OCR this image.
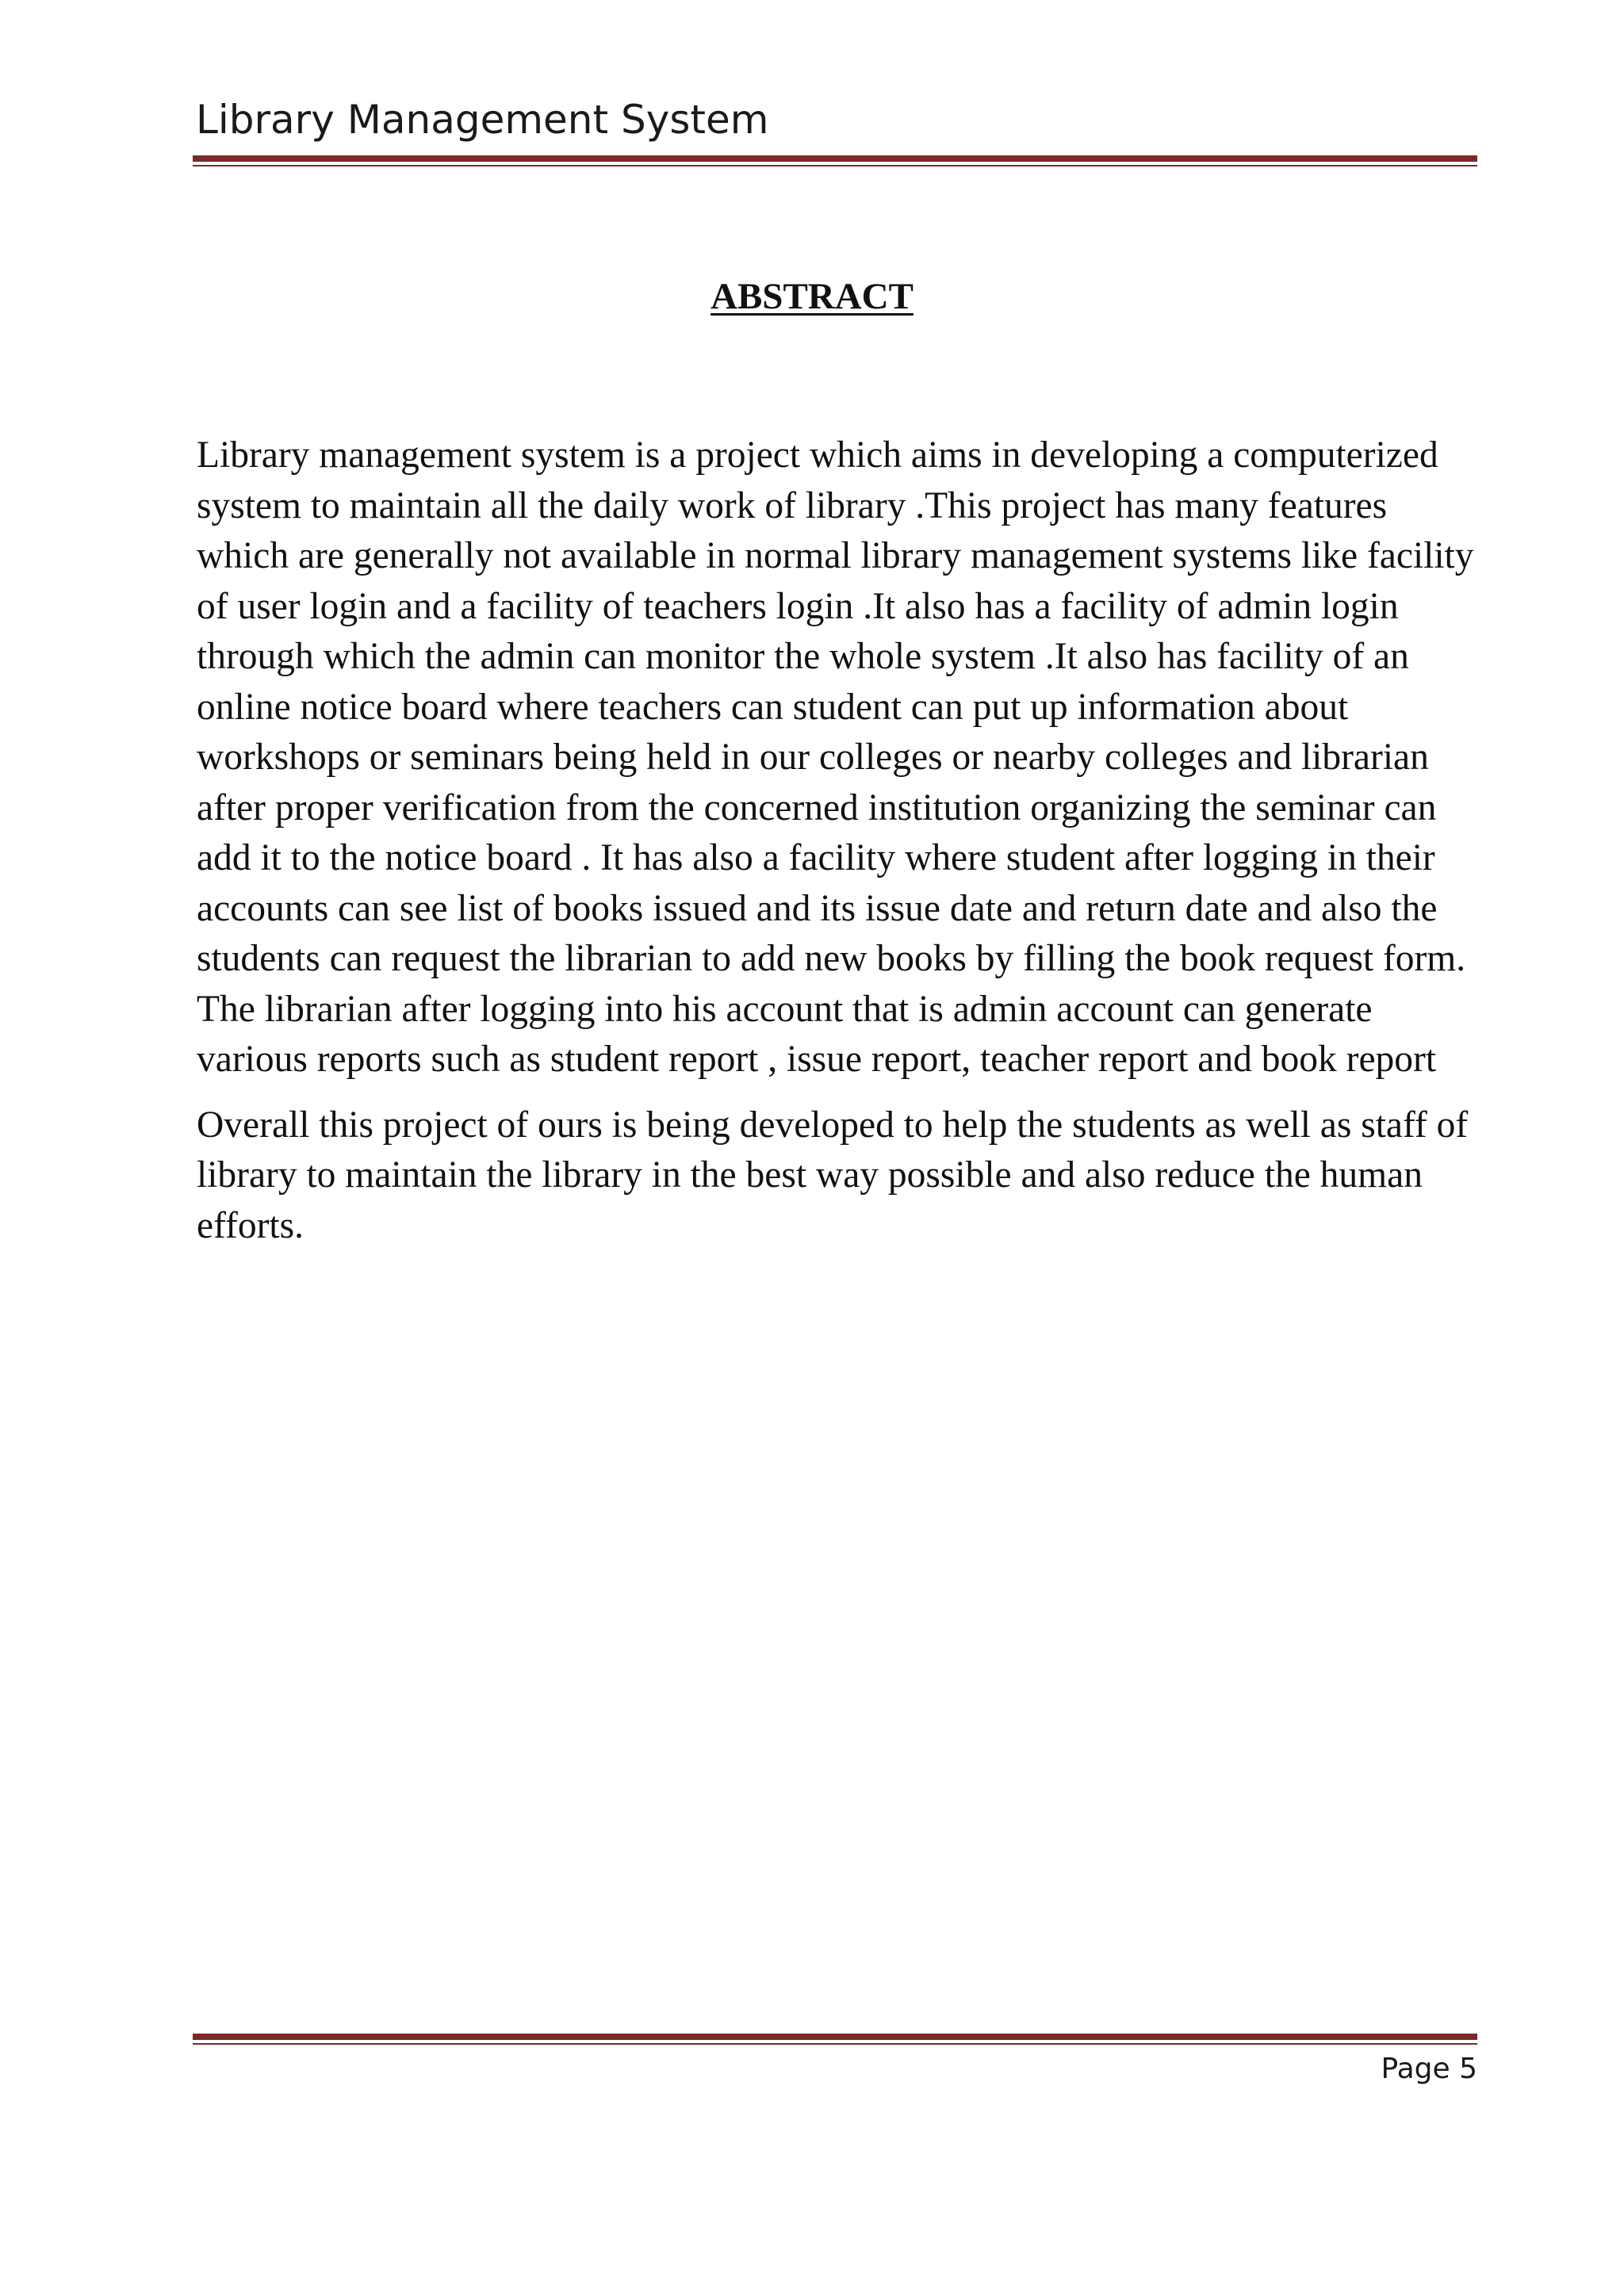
Library Management System
ABSTRACT

Library management system is a project which aims in developing a computerized system to maintain all the daily work of library .This project has many features which are generally not available in normal library management systems like facility of user login and a facility of teachers login .It also has a facility of admin login through which the admin can monitor the whole system .It also has facility of an online notice board where teachers can student can put up information about workshops or seminars being held in our colleges or nearby colleges and librarian after proper verification from the concerned institution organizing the seminar can add it to the notice board . It has also a facility where student after logging in their accounts can see list of books issued and its issue date and return date and also the students can request the librarian to add new books by filling the book request form. The librarian after logging into his account that is admin account can generate various reports such as student report , issue report, teacher report and book report

Overall this project of ours is being developed to help the students as well as staff of library to maintain the library in the best way possible and also reduce the human efforts.

Page 5
